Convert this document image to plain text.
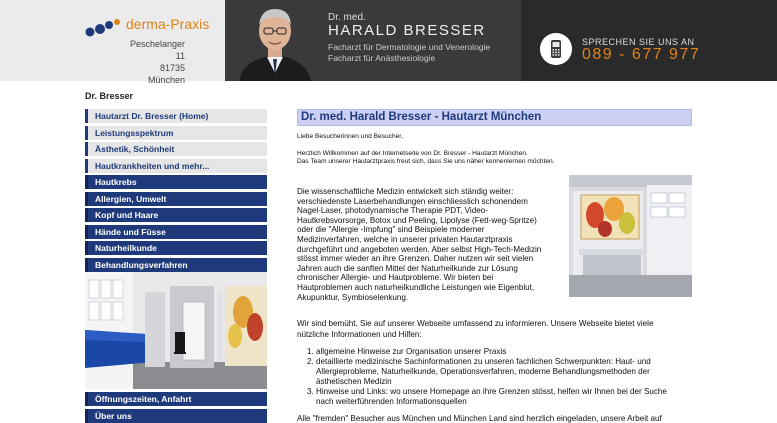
derma-Praxis
Peschelanger 11
81735 München
Dr. med.
HARALD BRESSER
Facharzt für Dermatologie und Venerologie
Facharzt für Anästhesiologie
SPRECHEN SIE UNS AN
089 - 677 977
Dr. Bresser
Hautarzt Dr. Bresser (Home)
Leistungsspektrum
Ästhetik, Schönheit
Hautkrankheiten und mehr...
Hautkrebs
Allergien, Umwelt
Kopf und Haare
Hände und Füsse
Naturheilkunde
Behandlungsverfahren
Öffnungszeiten, Anfahrt
Über uns
Dr. med. Harald Bresser - Hautarzt München
Liebe Besucherinnen und Besucher,
Herzlich Willkommen auf der Internetseite von Dr. Bresser - Hautarzt München.
Das Team unserer Hautarztpraxis freut sich, dass Sie uns näher kennenlernen möchten.
Die wissenschaftliche Medizin entwickelt sich ständig weiter:
verschiedenste Laserbehandlungen einschliesslich schonendem
Nagel-Laser, photodynamische Therapie PDT, Video-
Hautkrebsvorsorge, Botox und Peeling, Lipolyse (Fett-weg-Spritze)
oder die "Allergie -Impfung" sind Beispiele moderner
Medizinverfahren, welche in unserer privaten Hautarztpraxis
durchgeführt und angeboten werden. Aber selbst High-Tech-Medizin
stösst immer wieder an ihre Grenzen. Daher nutzen wir seit vielen
Jahren auch die sanften Mittel der Naturheilkunde zur Lösung
chronischer Allergie- und Hautprobleme. Wir bieten bei
Hautproblemen auch naturheilkundliche Leistungen wie Eigenblut,
Akupunktur, Symbioselenkung.
Wir sind bemüht, Sie auf unserer Webseite umfassend zu informieren. Unsere Webseite bietet viele
nützliche Informationen und Hilfen:
1. allgemeine Hinweise zur Organisation unserer Praxis
2. detaillierte medizinische Sachinformationen zu unseren fachlichen Schwerpunkten: Haut- und
Allergieprobleme, Naturheilkunde, Operationsverfahren, moderne Behandlungsmethoden der
ästhetischen Medizin
3. Hinweise und Links: wo unsere Homepage an ihre Grenzen stösst, helfen wir Ihnen bei der Suche
nach weiterführenden Informationsquellen
Alle "fremden" Besucher aus München und München Land sind herzlich eingeladen, unsere Arbeit auf
